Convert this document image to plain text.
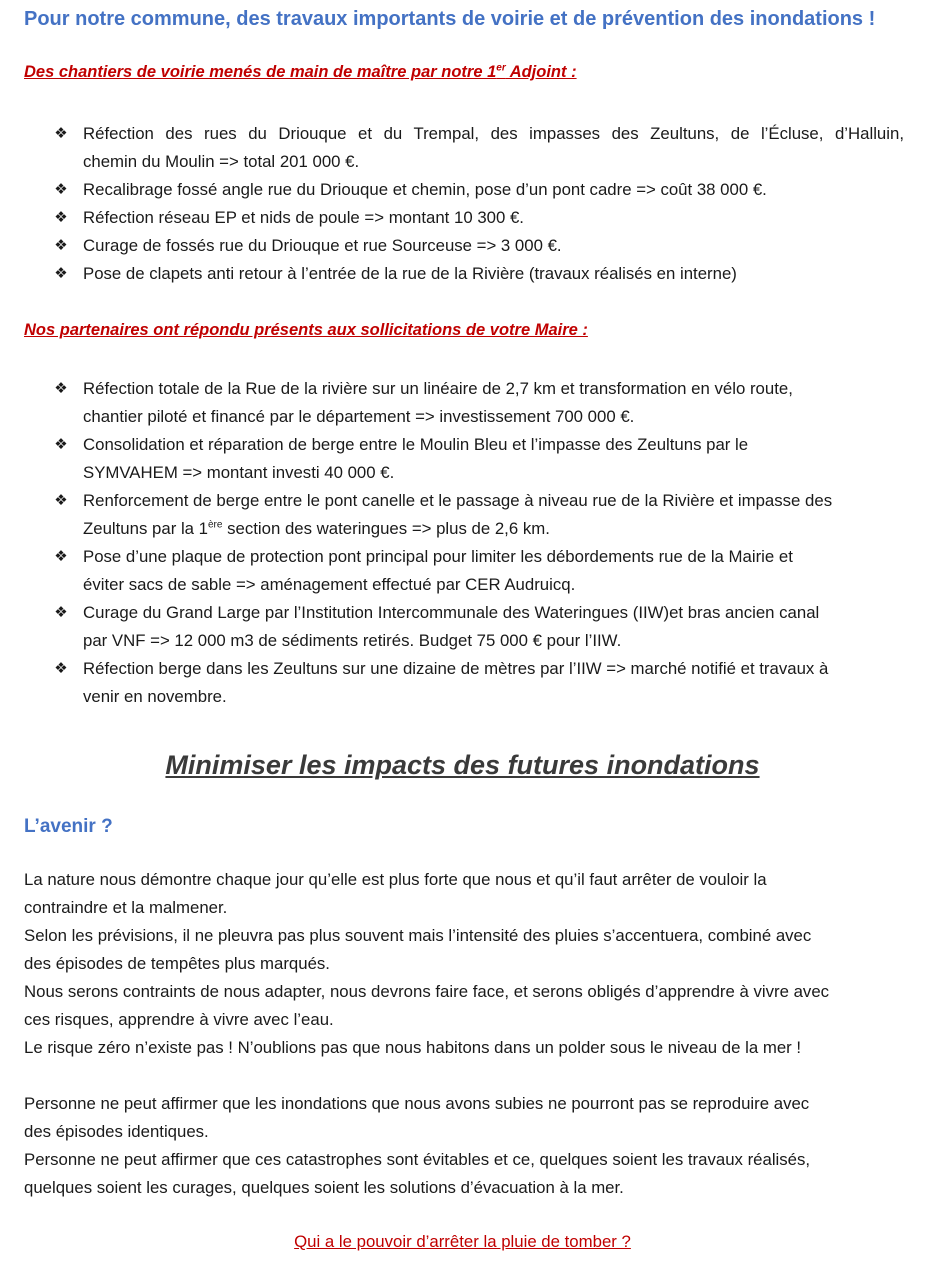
Pour notre commune, des travaux importants de voirie et de prévention des inondations !
Des chantiers de voirie menés de main de maître par notre 1er Adjoint :
❖ Réfection des rues du Driouque et du Trempal, des impasses des Zeultuns, de l’Écluse, d’Halluin,
chemin du Moulin => total 201 000 €.
❖ Recalibrage fossé angle rue du Driouque et chemin, pose d’un pont cadre => coût 38 000 €.
❖ Réfection réseau EP et nids de poule => montant 10 300 €.
❖ Curage de fossés rue du Driouque et rue Sourceuse => 3 000 €.
❖ Pose de clapets anti retour à l’entrée de la rue de la Rivière (travaux réalisés en interne)
Nos partenaires ont répondu présents aux sollicitations de votre Maire :
❖ Réfection totale de la Rue de la rivière sur un linéaire de 2,7 km et transformation en vélo route,
chantier piloté et financé par le département => investissement 700 000 €.
❖ Consolidation et réparation de berge entre le Moulin Bleu et l’impasse des Zeultuns par le
SYMVAHEM => montant investi 40 000 €.
❖ Renforcement de berge entre le pont canelle et le passage à niveau rue de la Rivière et impasse des
Zeultuns par la 1ère section des wateringues => plus de 2,6 km.
❖ Pose d’une plaque de protection pont principal pour limiter les débordements rue de la Mairie et
éviter sacs de sable => aménagement effectué par CER Audruicq.
❖ Curage du Grand Large par l’Institution Intercommunale des Wateringues (IIW)et bras ancien canal
par VNF => 12 000 m3 de sédiments retirés. Budget 75 000 € pour l’IIW.
❖ Réfection berge dans les Zeultuns sur une dizaine de mètres par l’IIW => marché notifié et travaux à
venir en novembre.
Minimiser les impacts des futures inondations
L’avenir ?
La nature nous démontre chaque jour qu’elle est plus forte que nous et qu’il faut arrêter de vouloir la
contraindre et la malmener.
Selon les prévisions, il ne pleuvra pas plus souvent mais l’intensité des pluies s’accentuera, combiné avec
des épisodes de tempêtes plus marqués.
Nous serons contraints de nous adapter, nous devrons faire face, et serons obligés d’apprendre à vivre avec
ces risques, apprendre à vivre avec l’eau.
Le risque zéro n’existe pas ! N’oublions pas que nous habitons dans un polder sous le niveau de la mer !
Personne ne peut affirmer que les inondations que nous avons subies ne pourront pas se reproduire avec
des épisodes identiques.
Personne ne peut affirmer que ces catastrophes sont évitables et ce, quelques soient les travaux réalisés,
quelques soient les curages, quelques soient les solutions d’évacuation à la mer.
Qui a le pouvoir d’arrêter la pluie de tomber ?
